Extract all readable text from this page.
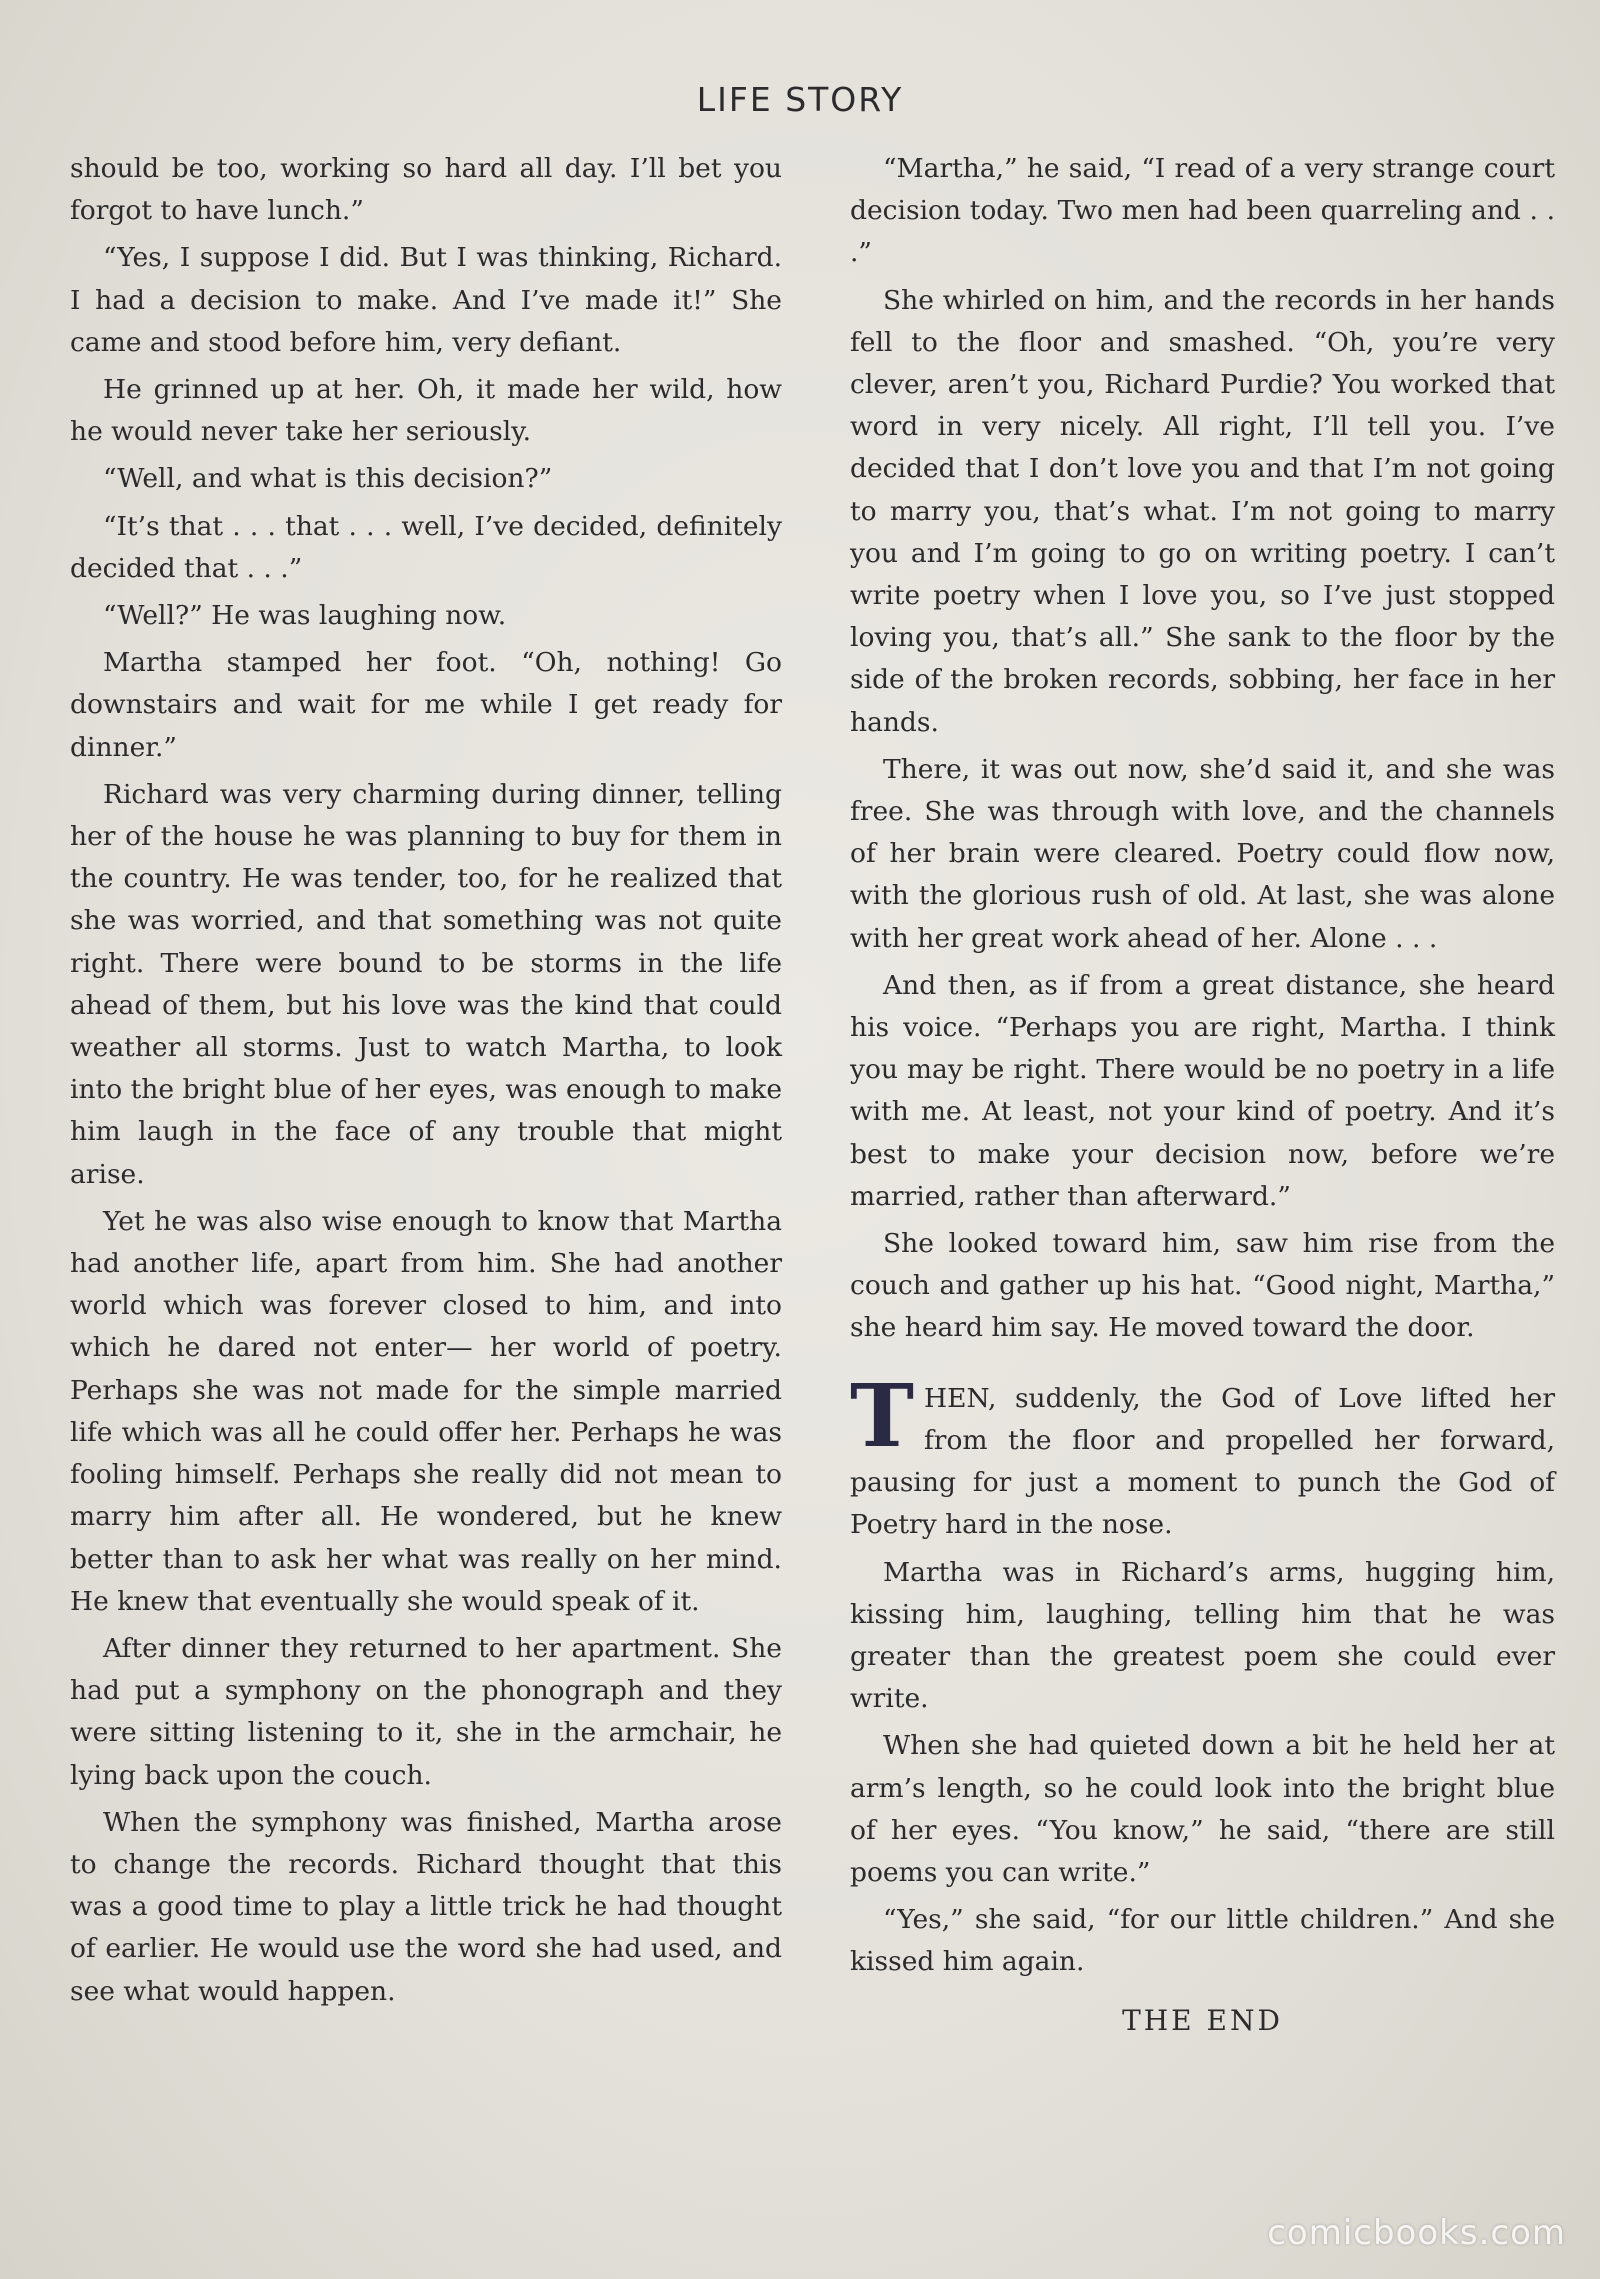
LIFE STORY

should be too, working so hard all day. I’ll bet you forgot to have lunch.”

“Yes, I suppose I did. But I was thinking, Richard. I had a decision to make. And I’ve made it!” She came and stood before him, very defiant.

He grinned up at her. Oh, it made her wild, how he would never take her seriously.

“Well, and what is this decision?”

“It’s that . . . that . . . well, I’ve decided, definitely decided that . . .”

“Well?” He was laughing now.

Martha stamped her foot. “Oh, nothing! Go downstairs and wait for me while I get ready for dinner.”

Richard was very charming during dinner, telling her of the house he was planning to buy for them in the country. He was tender, too, for he realized that she was worried, and that something was not quite right. There were bound to be storms in the life ahead of them, but his love was the kind that could weather all storms. Just to watch Martha, to look into the bright blue of her eyes, was enough to make him laugh in the face of any trouble that might arise.

Yet he was also wise enough to know that Martha had another life, apart from him. She had another world which was forever closed to him, and into which he dared not enter— her world of poetry. Perhaps she was not made for the simple married life which was all he could offer her. Perhaps he was fooling himself. Perhaps she really did not mean to marry him after all. He wondered, but he knew better than to ask her what was really on her mind. He knew that eventually she would speak of it.

After dinner they returned to her apartment. She had put a symphony on the phonograph and they were sitting listening to it, she in the armchair, he lying back upon the couch.

When the symphony was finished, Martha arose to change the records. Richard thought that this was a good time to play a little trick he had thought of earlier. He would use the word she had used, and see what would happen.

“Martha,” he said, “I read of a very strange court decision today. Two men had been quarreling and . . .”

She whirled on him, and the records in her hands fell to the floor and smashed. “Oh, you’re very clever, aren’t you, Richard Purdie? You worked that word in very nicely. All right, I’ll tell you. I’ve decided that I don’t love you and that I’m not going to marry you, that’s what. I’m not going to marry you and I’m going to go on writing poetry. I can’t write poetry when I love you, so I’ve just stopped loving you, that’s all.” She sank to the floor by the side of the broken records, sobbing, her face in her hands.

There, it was out now, she’d said it, and she was free. She was through with love, and the channels of her brain were cleared. Poetry could flow now, with the glorious rush of old. At last, she was alone with her great work ahead of her. Alone . . .

And then, as if from a great distance, she heard his voice. “Perhaps you are right, Martha. I think you may be right. There would be no poetry in a life with me. At least, not your kind of poetry. And it’s best to make your decision now, before we’re married, rather than afterward.”

She looked toward him, saw him rise from the couch and gather up his hat. “Good night, Martha,” she heard him say. He moved toward the door.

THEN, suddenly, the God of Love lifted her from the floor and propelled her forward, pausing for just a moment to punch the God of Poetry hard in the nose.

Martha was in Richard’s arms, hugging him, kissing him, laughing, telling him that he was greater than the greatest poem she could ever write.

When she had quieted down a bit he held her at arm’s length, so he could look into the bright blue of her eyes. “You know,” he said, “there are still poems you can write.”

“Yes,” she said, “for our little children.” And she kissed him again.

THE END

comicbooks.com
